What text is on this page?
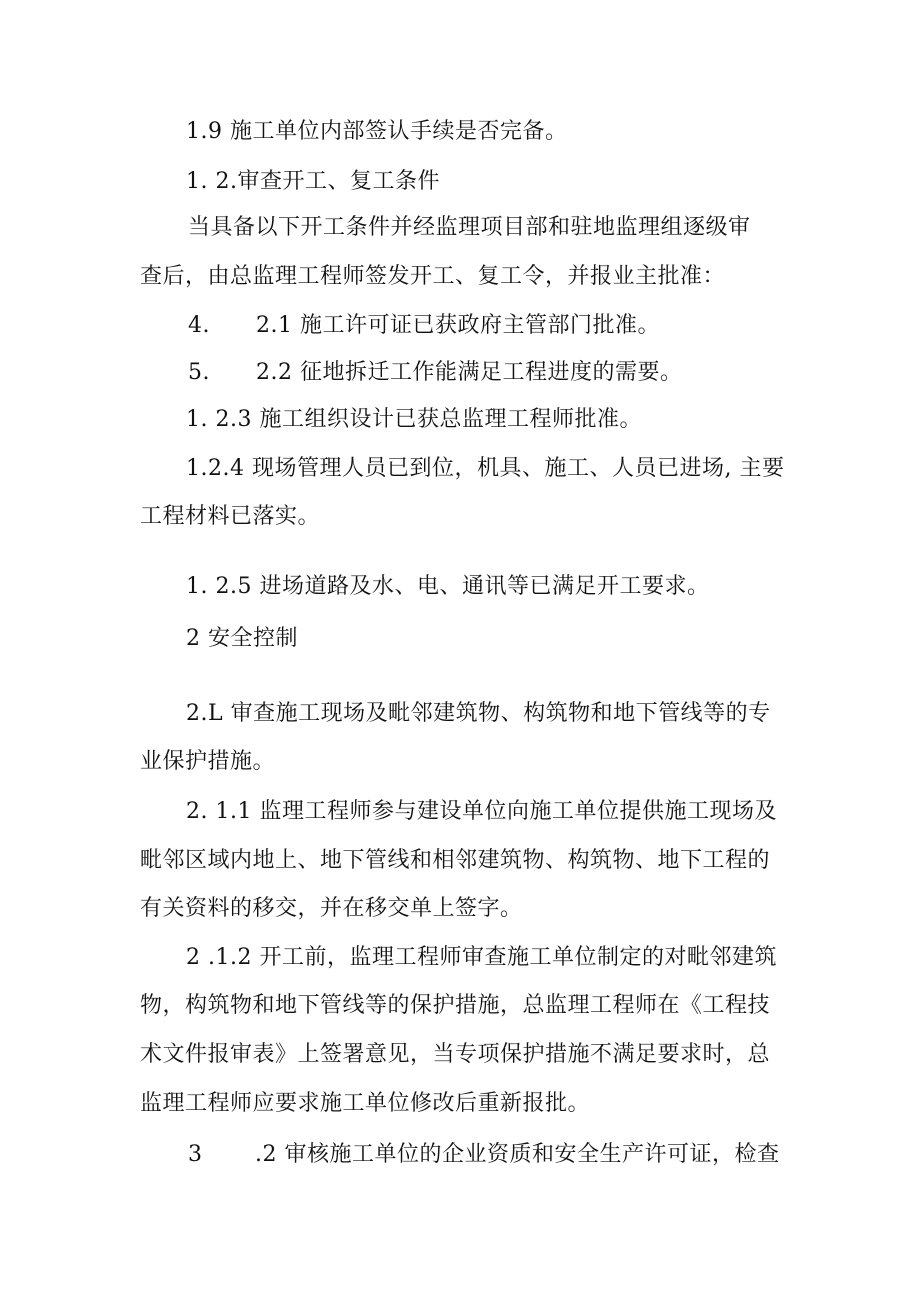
1.9 施工单位内部签认手续是否完备。
1. 2.审查开工、复工条件
当具备以下开工条件并经监理项目部和驻地监理组逐级审
查后，由总监理工程师签发开工、复工令，并报业主批准：
4. 2.1 施工许可证已获政府主管部门批准。
5. 2.2 征地拆迁工作能满足工程进度的需要。
1. 2.3 施工组织设计已获总监理工程师批准。
1.2.4 现场管理人员已到位，机具、施工、人员已进场, 主要
工程材料已落实。
1. 2.5 进场道路及水、电、通讯等已满足开工要求。
2 安全控制
2.L 审查施工现场及毗邻建筑物、构筑物和地下管线等的专
业保护措施。
2. 1.1 监理工程师参与建设单位向施工单位提供施工现场及
毗邻区域内地上、地下管线和相邻建筑物、构筑物、地下工程的
有关资料的移交，并在移交单上签字。
2 .1.2 开工前，监理工程师审查施工单位制定的对毗邻建筑
物，构筑物和地下管线等的保护措施，总监理工程师在《工程技
术文件报审表》上签署意见，当专项保护措施不满足要求时，总
监理工程师应要求施工单位修改后重新报批。
3 .2 审核施工单位的企业资质和安全生产许可证，检查
